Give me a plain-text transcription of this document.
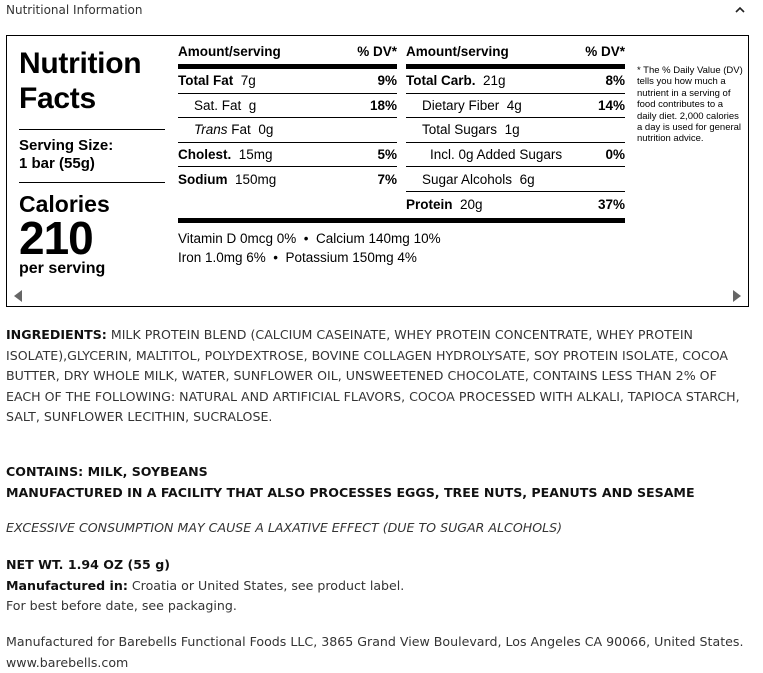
Nutritional Information
Nutrition Facts
Serving Size:
1 bar (55g)
Calories
210
per serving
Amount/serving	% DV*
Total Fat 7g	9%
Sat. Fat g	18%
Trans Fat 0g
Cholest. 15mg	5%
Sodium 150mg	7%
Amount/serving	% DV*
Total Carb. 21g	8%
Dietary Fiber 4g	14%
Total Sugars 1g
Incl. 0g Added Sugars	0%
Sugar Alcohols 6g
Protein 20g	37%
Vitamin D 0mcg 0%  •  Calcium 140mg 10%
Iron 1.0mg 6%  •  Potassium 150mg 4%
* The % Daily Value (DV) tells you how much a nutrient in a serving of food contributes to a daily diet. 2,000 calories a day is used for general nutrition advice.
INGREDIENTS: MILK PROTEIN BLEND (CALCIUM CASEINATE, WHEY PROTEIN CONCENTRATE, WHEY PROTEIN ISOLATE),GLYCERIN, MALTITOL, POLYDEXTROSE, BOVINE COLLAGEN HYDROLYSATE, SOY PROTEIN ISOLATE, COCOA BUTTER, DRY WHOLE MILK, WATER, SUNFLOWER OIL, UNSWEETENED CHOCOLATE, CONTAINS LESS THAN 2% OF EACH OF THE FOLLOWING: NATURAL AND ARTIFICIAL FLAVORS, COCOA PROCESSED WITH ALKALI, TAPIOCA STARCH, SALT, SUNFLOWER LECITHIN, SUCRALOSE.
CONTAINS: MILK, SOYBEANS
MANUFACTURED IN A FACILITY THAT ALSO PROCESSES EGGS, TREE NUTS, PEANUTS AND SESAME
EXCESSIVE CONSUMPTION MAY CAUSE A LAXATIVE EFFECT (DUE TO SUGAR ALCOHOLS)
NET WT. 1.94 OZ (55 g)
Manufactured in: Croatia or United States, see product label.
For best before date, see packaging.
Manufactured for Barebells Functional Foods LLC, 3865 Grand View Boulevard, Los Angeles CA 90066, United States. www.barebells.com
